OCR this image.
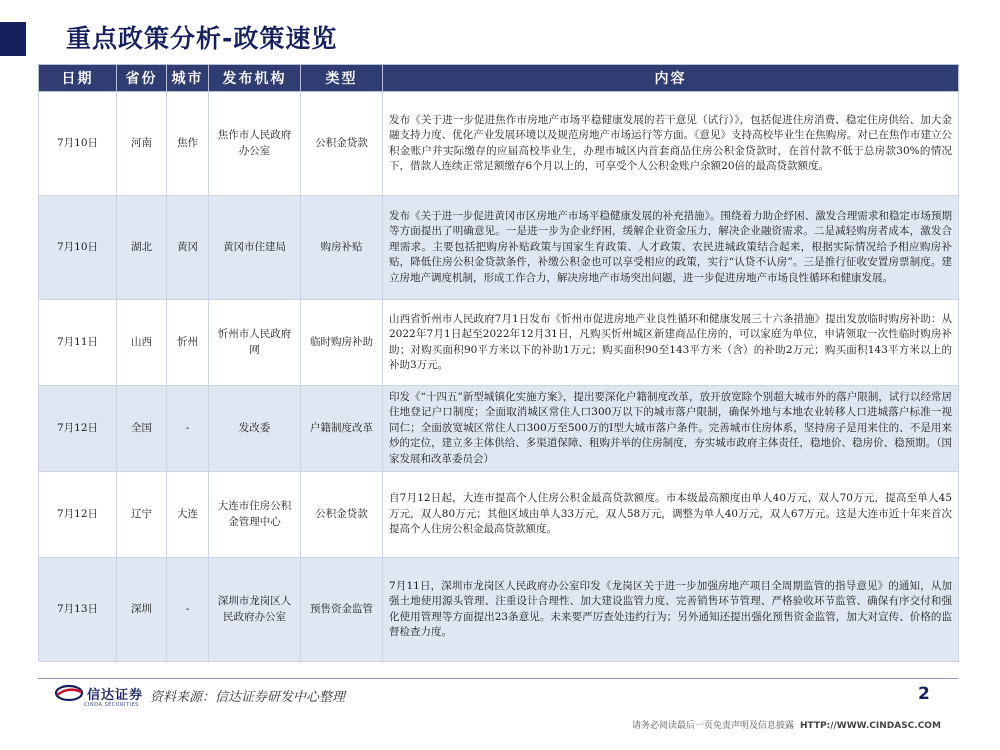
重点政策分析-政策速览
日期	省份	城市	发布机构	类型	内容
7月10日	河南	焦作	焦作市人民政府办公室	公积金贷款	发布《关于进一步促进焦作市房地产市场平稳健康发展的若干意见（试行）》，包括促进住房消费、稳定住房供给、加大金融支持力度、优化产业发展环境以及规范房地产市场运行等方面。《意见》支持高校毕业生在焦购房。对已在焦作市建立公积金账户并实际缴存的应届高校毕业生，办理市城区内首套商品住房公积金贷款时，在首付款不低于总房款30%的情况下，借款人连续正常足额缴存6个月以上的，可享受个人公积金账户余额20倍的最高贷款额度。
7月10日	湖北	黄冈	黄冈市住建局	购房补贴	发布《关于进一步促进黄冈市区房地产市场平稳健康发展的补充措施》。围绕着力助企纾困、激发合理需求和稳定市场预期等方面提出了明确意见。一是进一步为企业纾困，缓解企业资金压力，解决企业融资需求。二是减轻购房者成本，激发合理需求。主要包括把购房补贴政策与国家生育政策、人才政策、农民进城政策结合起来，根据实际情况给予相应购房补贴，降低住房公积金贷款条件，补缴公积金也可以享受相应的政策，实行“认贷不认房”。三是推行征收安置房票制度。建立房地产调度机制，形成工作合力，解决房地产市场突出问题，进一步促进房地产市场良性循环和健康发展。
7月11日	山西	忻州	忻州市人民政府网	临时购房补助	山西省忻州市人民政府7月1日发布《忻州市促进房地产业良性循环和健康发展三十六条措施》提出发放临时购房补助：从2022年7月1日起至2022年12月31日，凡购买忻州城区新建商品住房的，可以家庭为单位，申请领取一次性临时购房补助；对购买面积90平方米以下的补助1万元；购买面积90至143平方米（含）的补助2万元；购买面积143平方米以上的补助3万元。
7月12日	全国	-	发改委	户籍制度改革	印发《“十四五”新型城镇化实施方案》，提出要深化户籍制度改革，放开放宽除个别超大城市外的落户限制，试行以经常居住地登记户口制度；全面取消城区常住人口300万以下的城市落户限制，确保外地与本地农业转移人口进城落户标准一视同仁；全面放宽城区常住人口300万至500万的I型大城市落户条件。完善城市住房体系，坚持房子是用来住的、不是用来炒的定位，建立多主体供给、多渠道保障、租购并举的住房制度，夯实城市政府主体责任，稳地价、稳房价、稳预期。（国家发展和改革委员会）
7月12日	辽宁	大连	大连市住房公积金管理中心	公积金贷款	自7月12日起，大连市提高个人住房公积金最高贷款额度。市本级最高额度由单人40万元，双人70万元，提高至单人45万元，双人80万元；其他区域由单人33万元，双人58万元，调整为单人40万元，双人67万元。这是大连市近十年来首次提高个人住房公积金最高贷款额度。
7月13日	深圳	-	深圳市龙岗区人民政府办公室	预售资金监管	7月11日，深圳市龙岗区人民政府办公室印发《龙岗区关于进一步加强房地产项目全周期监管的指导意见》的通知，从加强土地使用源头管理、注重设计合理性、加大建设监管力度、完善销售环节管理、严格验收环节监管、确保有序交付和强化使用管理等方面提出23条意见。未来要严厉查处违约行为；另外通知还提出强化预售资金监管，加大对宣传、价格的监督检查力度。
信达证券
CINDA SECURITIES 资料来源：信达证券研发中心整理	2
请务必阅读最后一页免责声明及信息披露 HTTP://WWW.CINDASC.COM
